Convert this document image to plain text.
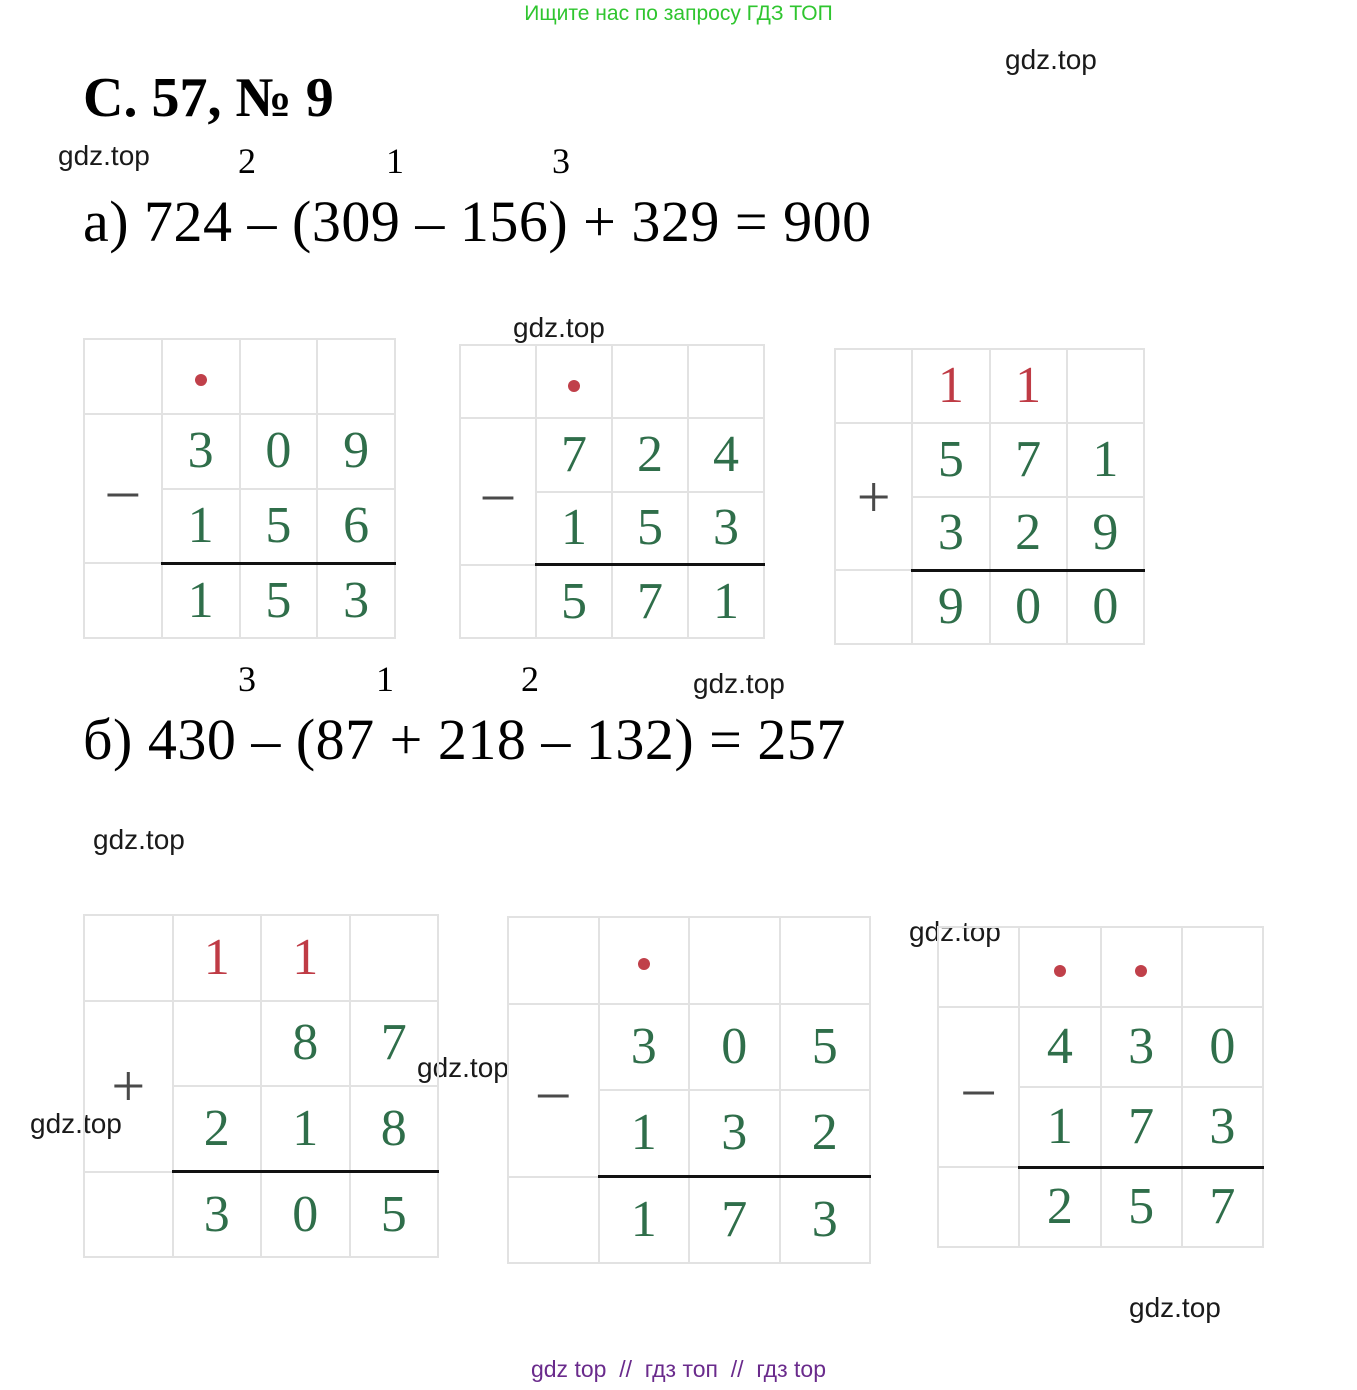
Ищите нас по запросу ГДЗ ТОП
С. 57, № 9
gdz.top
gdz.top
gdz.top
gdz.top
gdz.top
gdz.top
gdz.top
gdz.top
gdz.top
2	1	3
а) 724 – (309 – 156) + 329 = 900

–	3	0	9
	1	5	6
	1	5	3

–	7	2	4
	1	5	3
	5	7	1
	1	1	
+	5	7	1
	3	2	9
	9	0	0
3	1	2
б) 430 – (87 + 218 – 132) = 257
	1	1	
+		8	7
	2	1	8
	3	0	5

–	3	0	5
	1	3	2
	1	7	3

–	4	3	0
	1	7	3
	2	5	7
gdz top  //  гдз топ  //  гдз top
